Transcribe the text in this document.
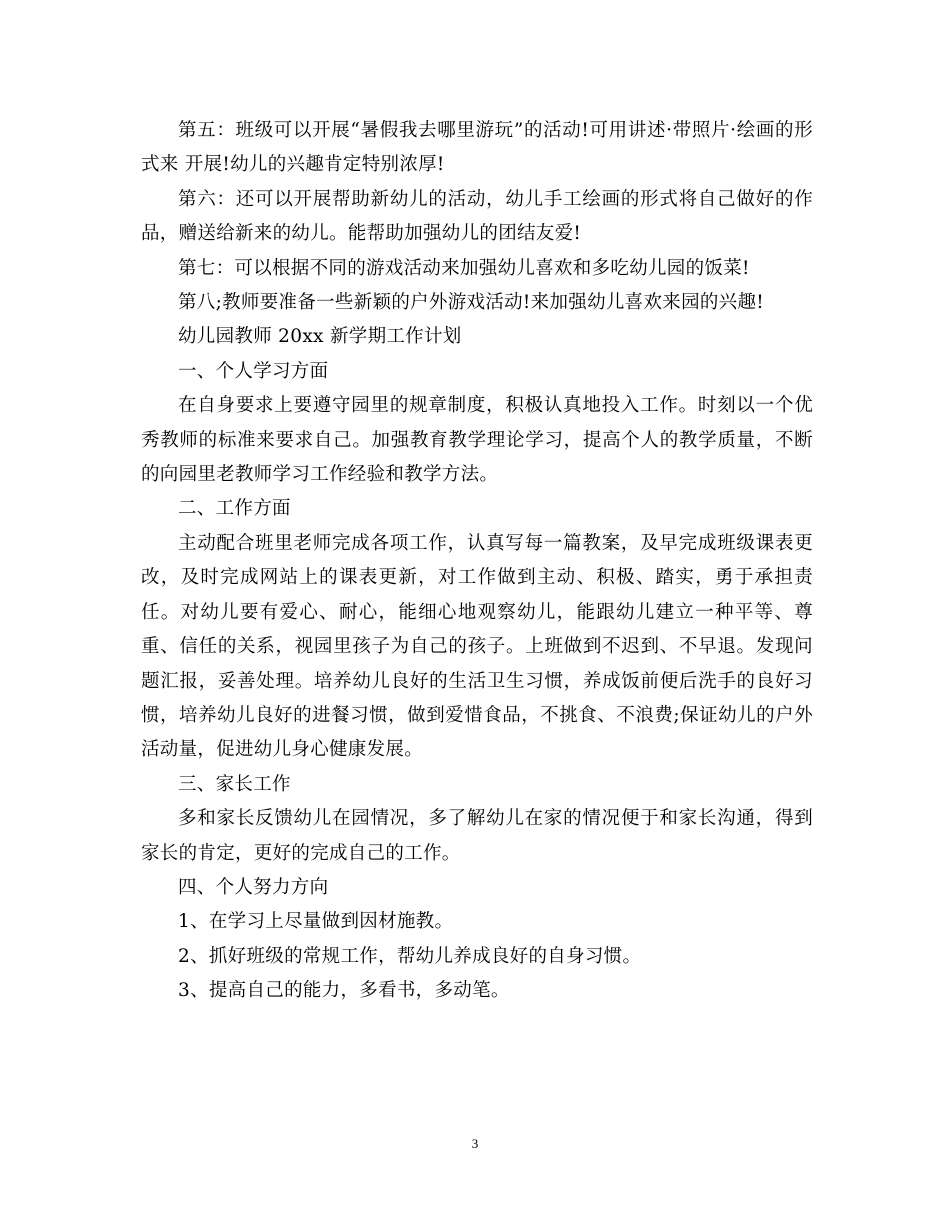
第五：班级可以开展“暑假我去哪里游玩”的活动!可用讲述·带照片·绘画的形式来 开展!幼儿的兴趣肯定特别浓厚!

第六：还可以开展帮助新幼儿的活动，幼儿手工绘画的形式将自己做好的作品，赠送给新来的幼儿。能帮助加强幼儿的团结友爱!

第七：可以根据不同的游戏活动来加强幼儿喜欢和多吃幼儿园的饭菜!

第八;教师要准备一些新颖的户外游戏活动!来加强幼儿喜欢来园的兴趣!

幼儿园教师 20xx 新学期工作计划

一、个人学习方面

在自身要求上要遵守园里的规章制度，积极认真地投入工作。时刻以一个优秀教师的标准来要求自己。加强教育教学理论学习，提高个人的教学质量，不断的向园里老教师学习工作经验和教学方法。

二、工作方面

主动配合班里老师完成各项工作，认真写每一篇教案，及早完成班级课表更改，及时完成网站上的课表更新，对工作做到主动、积极、踏实，勇于承担责任。对幼儿要有爱心、耐心，能细心地观察幼儿，能跟幼儿建立一种平等、尊重、信任的关系，视园里孩子为自己的孩子。上班做到不迟到、不早退。发现问题汇报，妥善处理。培养幼儿良好的生活卫生习惯，养成饭前便后洗手的良好习惯，培养幼儿良好的进餐习惯，做到爱惜食品，不挑食、不浪费;保证幼儿的户外活动量，促进幼儿身心健康发展。

三、家长工作

多和家长反馈幼儿在园情况，多了解幼儿在家的情况便于和家长沟通，得到家长的肯定，更好的完成自己的工作。

四、个人努力方向

1、在学习上尽量做到因材施教。

2、抓好班级的常规工作，帮幼儿养成良好的自身习惯。

3、提高自己的能力，多看书，多动笔。

3
